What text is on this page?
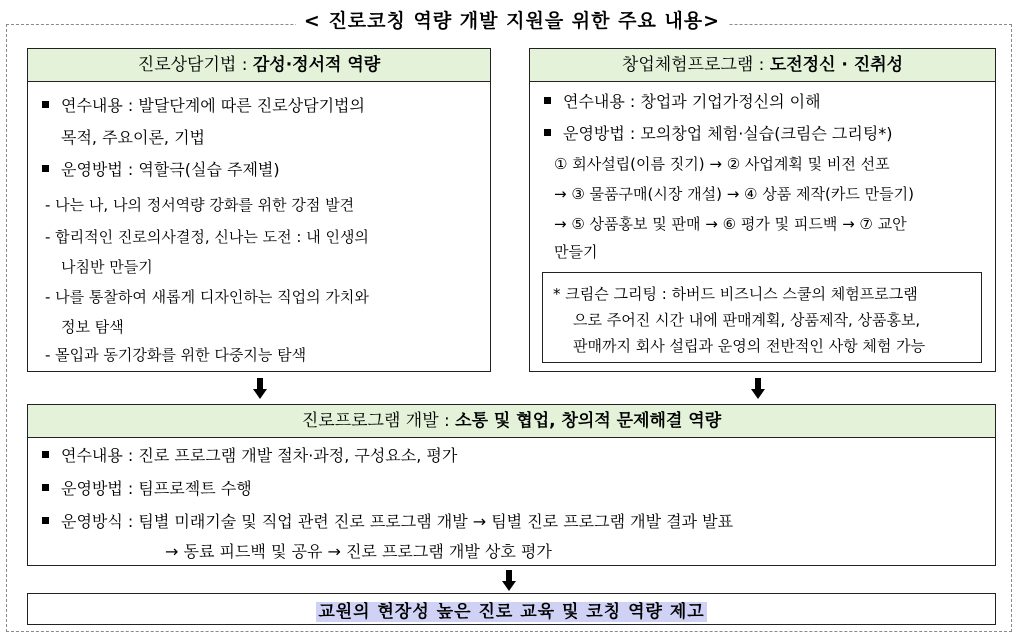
< 진로코칭 역량 개발 지원을 위한 주요 내용>
진로상담기법 : 감성·정서적 역량
연수내용 : 발달단계에 따른 진로상담기법의
목적, 주요이론, 기법
운영방법 : 역할극(실습 주제별)
- 나는 나, 나의 정서역량 강화를 위한 강점 발견
- 합리적인 진로의사결정, 신나는 도전 : 내 인생의
나침반 만들기
- 나를 통찰하여 새롭게 디자인하는 직업의 가치와
정보 탐색
- 몰입과 동기강화를 위한 다중지능 탐색
창업체험프로그램 : 도전정신 · 진취성
연수내용 : 창업과 기업가정신의 이해
운영방법 : 모의창업 체험·실습(크림슨 그리팅*)
① 회사설립(이름 짓기) → ② 사업계획 및 비전 선포
→ ③ 물품구매(시장 개설) → ④ 상품 제작(카드 만들기)
→ ⑤ 상품홍보 및 판매 → ⑥ 평가 및 피드백 → ⑦ 교안
만들기
* 크림슨 그리팅 : 하버드 비즈니스 스쿨의 체험프로그램
으로 주어진 시간 내에 판매계획, 상품제작, 상품홍보,
판매까지 회사 설립과 운영의 전반적인 사항 체험 가능
진로프로그램 개발 : 소통 및 협업, 창의적 문제해결 역량
연수내용 : 진로 프로그램 개발 절차·과정, 구성요소, 평가
운영방법 : 팀프로젝트 수행
운영방식 : 팀별 미래기술 및 직업 관련 진로 프로그램 개발 → 팀별 진로 프로그램 개발 결과 발표
→ 동료 피드백 및 공유 → 진로 프로그램 개발 상호 평가
교원의 현장성 높은 진로 교육 및 코칭 역량 제고
